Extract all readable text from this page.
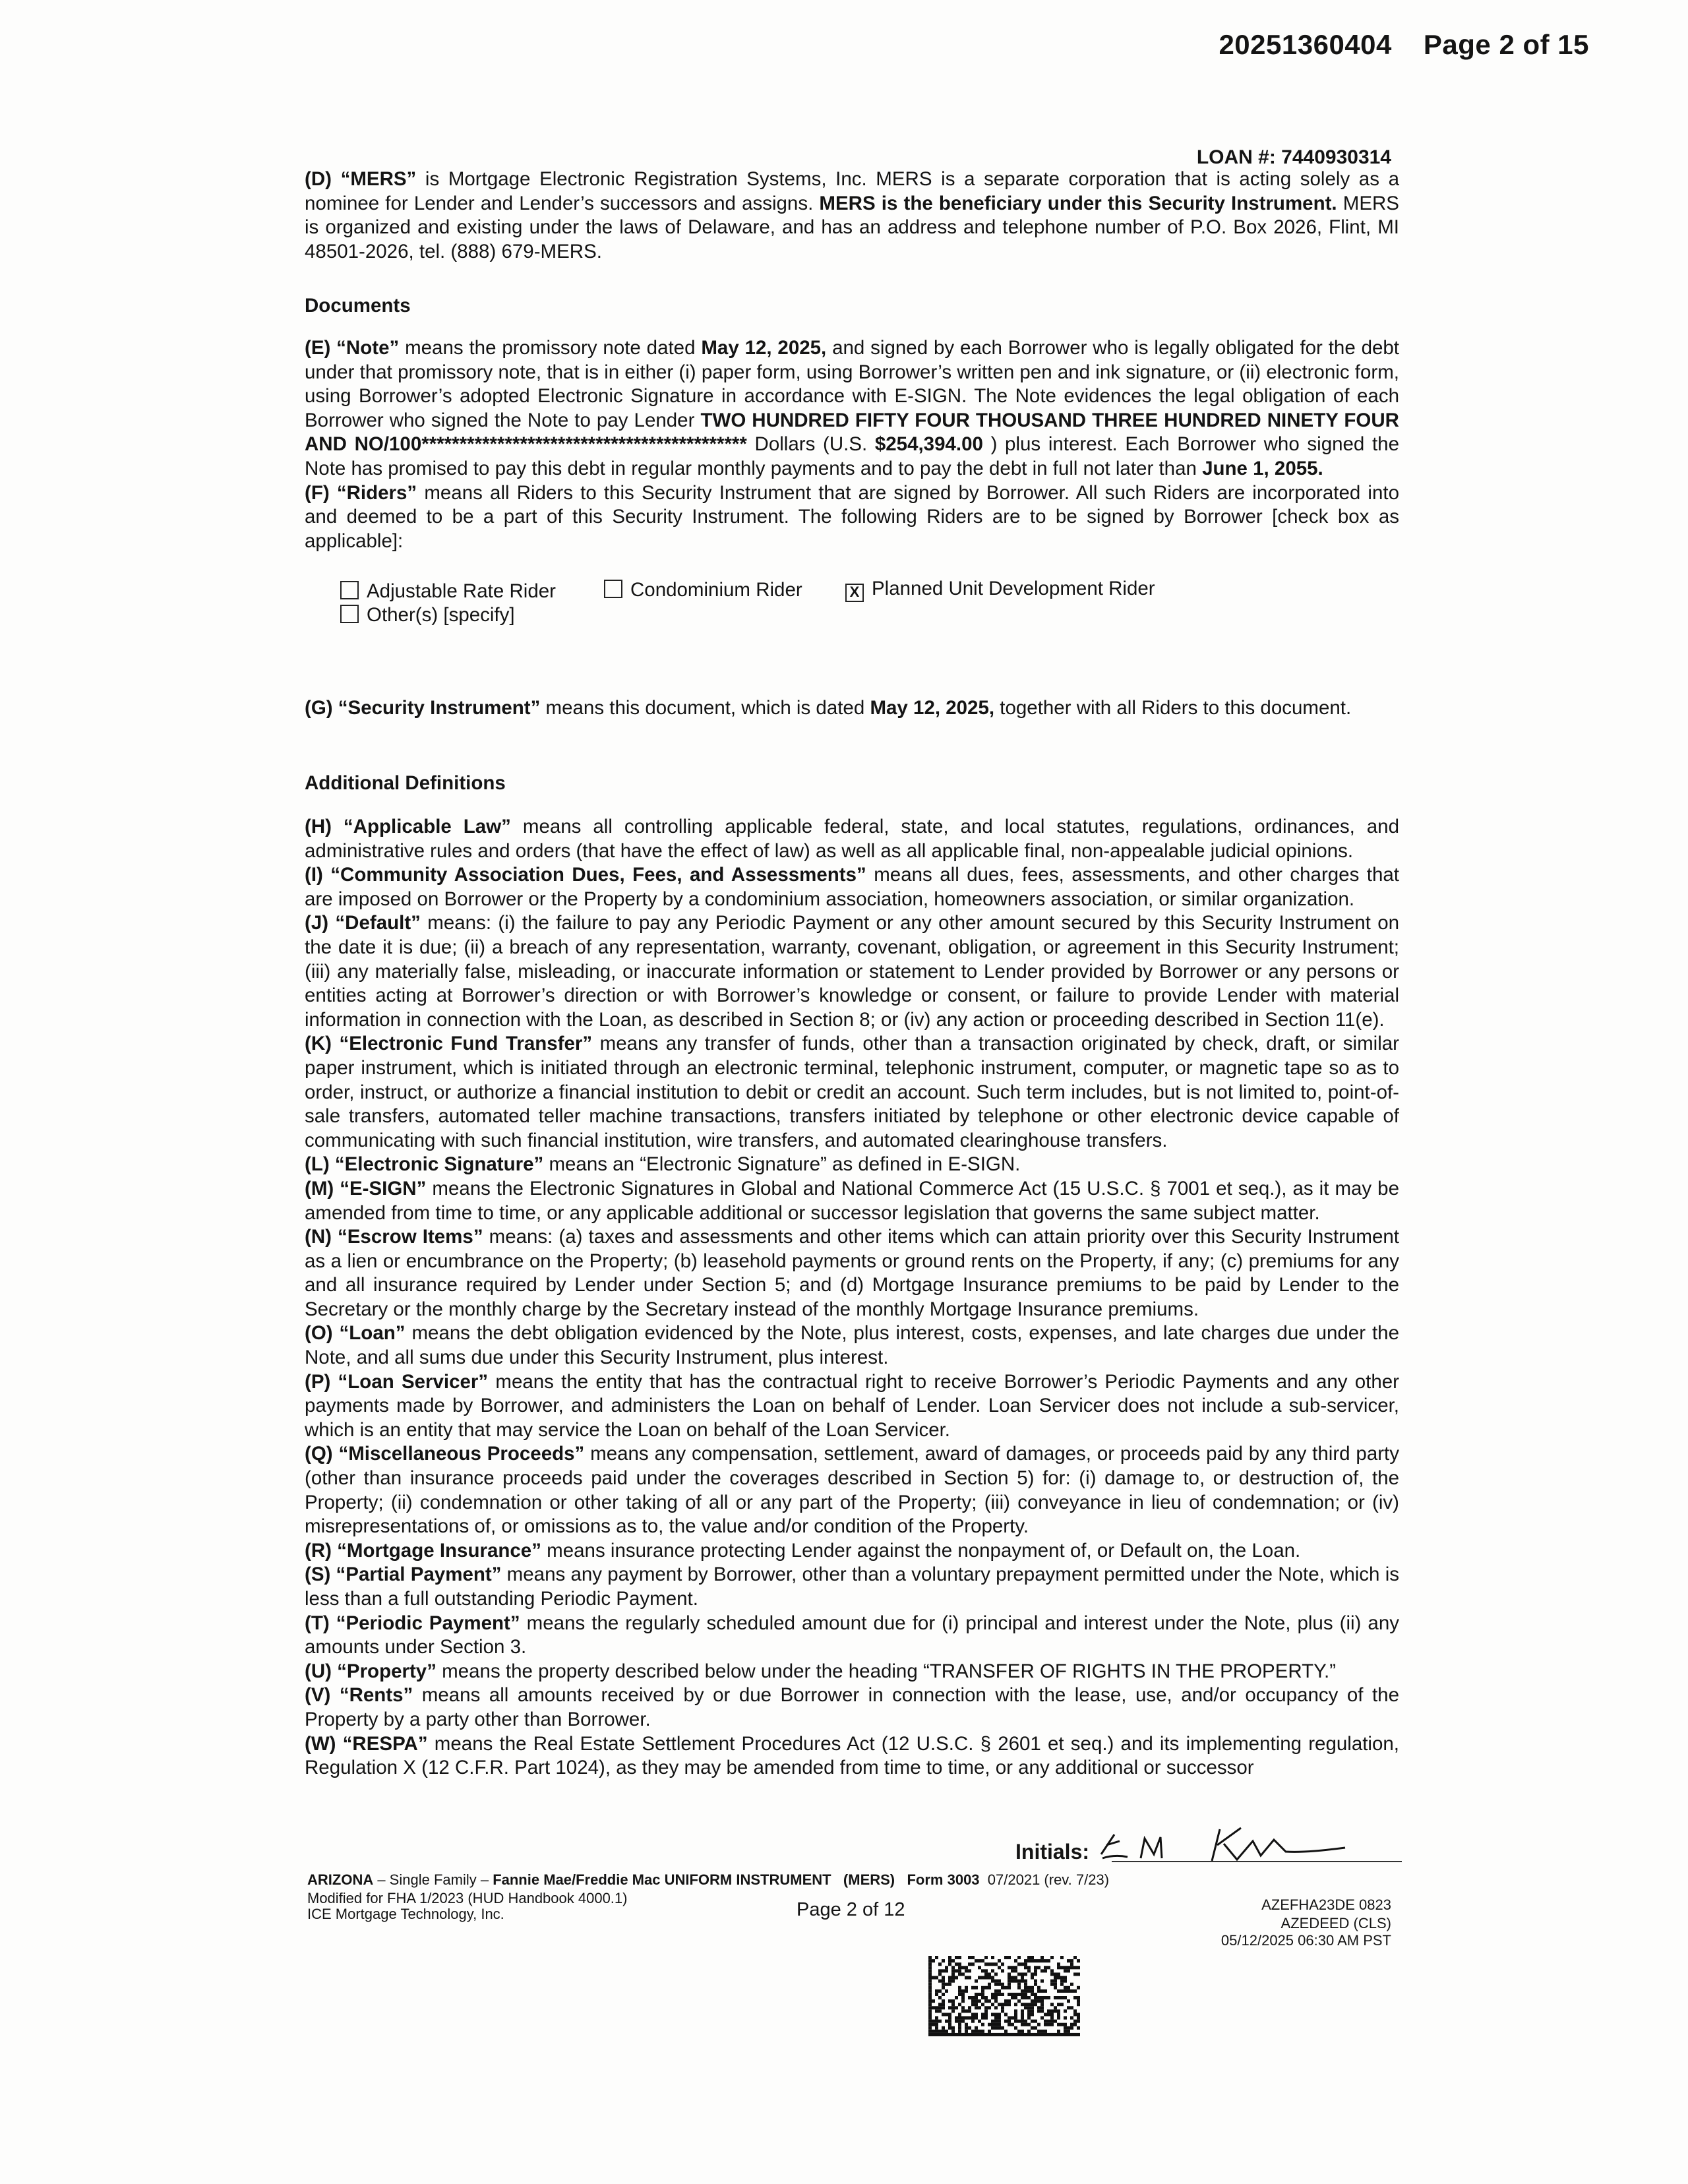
20251360404 Page 2 of 15
LOAN #: 7440930314

(D) “MERS” is Mortgage Electronic Registration Systems, Inc. MERS is a separate corporation that is acting solely as a nominee for Lender and Lender’s successors and assigns. MERS is the beneficiary under this Security Instrument. MERS is organized and existing under the laws of Delaware, and has an address and telephone number of P.O. Box 2026, Flint, MI 48501-2026, tel. (888) 679-MERS.

Documents

(E) “Note” means the promissory note dated May 12, 2025, and signed by each Borrower who is legally obligated for the debt under that promissory note, that is in either (i) paper form, using Borrower’s written pen and ink signature, or (ii) electronic form, using Borrower’s adopted Electronic Signature in accordance with E-SIGN. The Note evidences the legal obligation of each Borrower who signed the Note to pay Lender TWO HUNDRED FIFTY FOUR THOUSAND THREE HUNDRED NINETY FOUR AND NO/100******************************************* Dollars (U.S. $254,394.00 ) plus interest. Each Borrower who signed the Note has promised to pay this debt in regular monthly payments and to pay the debt in full not later than June 1, 2055.

(F) “Riders” means all Riders to this Security Instrument that are signed by Borrower. All such Riders are incorporated into and deemed to be a part of this Security Instrument. The following Riders are to be signed by Borrower [check box as applicable]:

Adjustable Rate Rider	Condominium Rider	X Planned Unit Development Rider
Other(s) [specify]

(G) “Security Instrument” means this document, which is dated May 12, 2025, together with all Riders to this document.

Additional Definitions

(H) “Applicable Law” means all controlling applicable federal, state, and local statutes, regulations, ordinances, and administrative rules and orders (that have the effect of law) as well as all applicable final, non-appealable judicial opinions.

(I) “Community Association Dues, Fees, and Assessments” means all dues, fees, assessments, and other charges that are imposed on Borrower or the Property by a condominium association, homeowners association, or similar organization.

(J) “Default” means: (i) the failure to pay any Periodic Payment or any other amount secured by this Security Instrument on the date it is due; (ii) a breach of any representation, warranty, covenant, obligation, or agreement in this Security Instrument; (iii) any materially false, misleading, or inaccurate information or statement to Lender provided by Borrower or any persons or entities acting at Borrower’s direction or with Borrower’s knowledge or consent, or failure to provide Lender with material information in connection with the Loan, as described in Section 8; or (iv) any action or proceeding described in Section 11(e).

(K) “Electronic Fund Transfer” means any transfer of funds, other than a transaction originated by check, draft, or similar paper instrument, which is initiated through an electronic terminal, telephonic instrument, computer, or magnetic tape so as to order, instruct, or authorize a financial institution to debit or credit an account. Such term includes, but is not limited to, point-of-sale transfers, automated teller machine transactions, transfers initiated by telephone or other electronic device capable of communicating with such financial institution, wire transfers, and automated clearinghouse transfers.

(L) “Electronic Signature” means an “Electronic Signature” as defined in E-SIGN.

(M) “E-SIGN” means the Electronic Signatures in Global and National Commerce Act (15 U.S.C. § 7001 et seq.), as it may be amended from time to time, or any applicable additional or successor legislation that governs the same subject matter.

(N) “Escrow Items” means: (a) taxes and assessments and other items which can attain priority over this Security Instrument as a lien or encumbrance on the Property; (b) leasehold payments or ground rents on the Property, if any; (c) premiums for any and all insurance required by Lender under Section 5; and (d) Mortgage Insurance premiums to be paid by Lender to the Secretary or the monthly charge by the Secretary instead of the monthly Mortgage Insurance premiums.

(O) “Loan” means the debt obligation evidenced by the Note, plus interest, costs, expenses, and late charges due under the Note, and all sums due under this Security Instrument, plus interest.

(P) “Loan Servicer” means the entity that has the contractual right to receive Borrower’s Periodic Payments and any other payments made by Borrower, and administers the Loan on behalf of Lender. Loan Servicer does not include a sub-servicer, which is an entity that may service the Loan on behalf of the Loan Servicer.

(Q) “Miscellaneous Proceeds” means any compensation, settlement, award of damages, or proceeds paid by any third party (other than insurance proceeds paid under the coverages described in Section 5) for: (i) damage to, or destruction of, the Property; (ii) condemnation or other taking of all or any part of the Property; (iii) conveyance in lieu of condemnation; or (iv) misrepresentations of, or omissions as to, the value and/or condition of the Property.

(R) “Mortgage Insurance” means insurance protecting Lender against the nonpayment of, or Default on, the Loan.

(S) “Partial Payment” means any payment by Borrower, other than a voluntary prepayment permitted under the Note, which is less than a full outstanding Periodic Payment.

(T) “Periodic Payment” means the regularly scheduled amount due for (i) principal and interest under the Note, plus (ii) any amounts under Section 3.

(U) “Property” means the property described below under the heading “TRANSFER OF RIGHTS IN THE PROPERTY.”

(V) “Rents” means all amounts received by or due Borrower in connection with the lease, use, and/or occupancy of the Property by a party other than Borrower.

(W) “RESPA” means the Real Estate Settlement Procedures Act (12 U.S.C. § 2601 et seq.) and its implementing regulation, Regulation X (12 C.F.R. Part 1024), as they may be amended from time to time, or any additional or successor

Initials:
ARIZONA – Single Family – Fannie Mae/Freddie Mac UNIFORM INSTRUMENT (MERS) Form 3003 07/2021 (rev. 7/23)
Modified for FHA 1/2023 (HUD Handbook 4000.1)
ICE Mortgage Technology, Inc.	Page 2 of 12	AZEFHA23DE 0823
AZEDEED (CLS)
05/12/2025 06:30 AM PST
